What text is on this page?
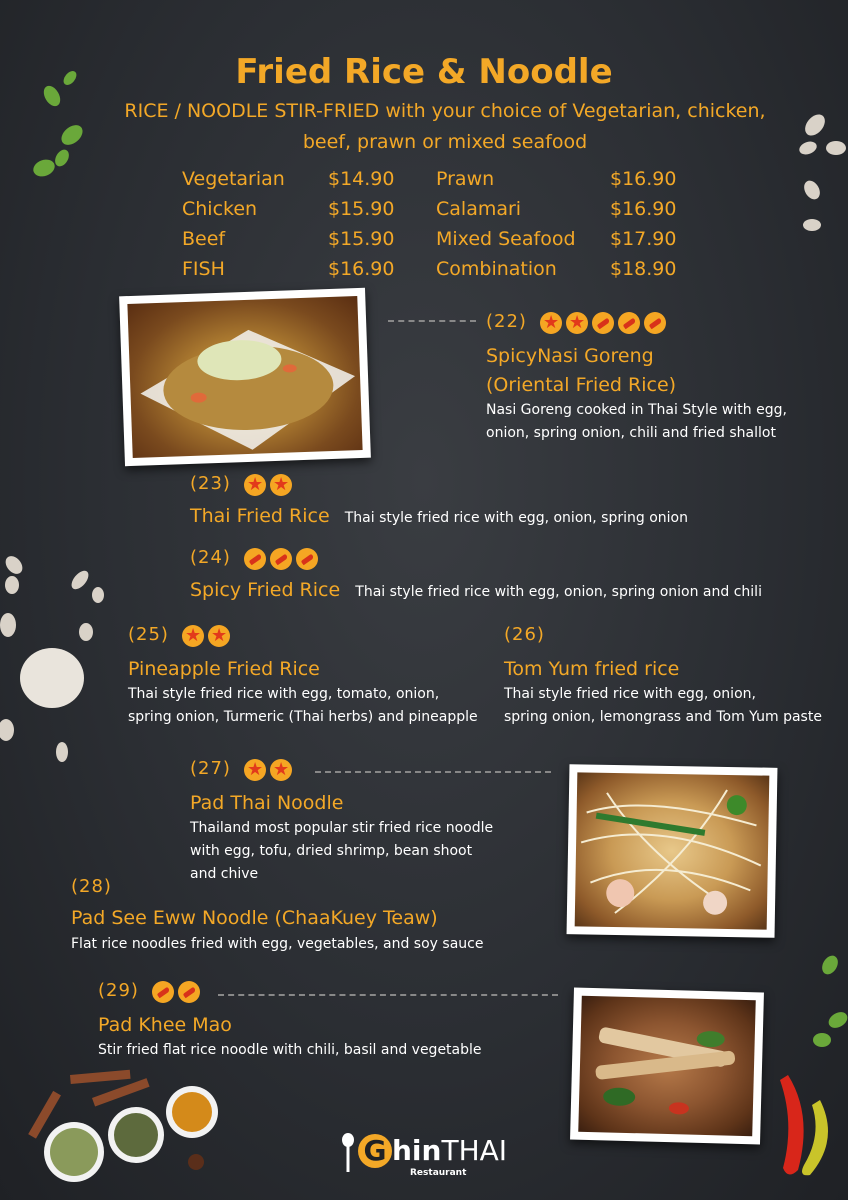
Fried Rice & Noodle
RICE / NOODLE STIR-FRIED with your choice of Vegetarian, chicken,
beef, prawn or mixed seafood
Vegetarian $14.90 Prawn	$16.90
Chicken	$15.90 Calamari	$16.90
Beef	$15.90 Mixed Seafood $17.90
FISH	$16.90 Combination	$18.90
(22) ★★
SpicyNasi Goreng
(Oriental Fried Rice)
Nasi Goreng cooked in Thai Style with egg,
onion, spring onion, chili and fried shallot
(23) ★★
Thai Fried Rice Thai style fried rice with egg, onion, spring onion
(24)
Spicy Fried Rice Thai style fried rice with egg, onion, spring onion and chili
(25) ★★
Pineapple Fried Rice
Thai style fried rice with egg, tomato, onion,
spring onion, Turmeric (Thai herbs) and pineapple
(26)
Tom Yum fried rice
Thai style fried rice with egg, onion,
spring onion, lemongrass and Tom Yum paste
(27) ★★
Pad Thai Noodle
Thailand most popular stir fried rice noodle
with egg, tofu, dried shrimp, bean shoot
and chive
(28)
Pad See Eww Noodle (ChaaKuey Teaw)
Flat rice noodles fried with egg, vegetables, and soy sauce
(29)
Pad Khee Mao
Stir fried flat rice noodle with chili, basil and vegetable
G hinTHAI
Restaurant
